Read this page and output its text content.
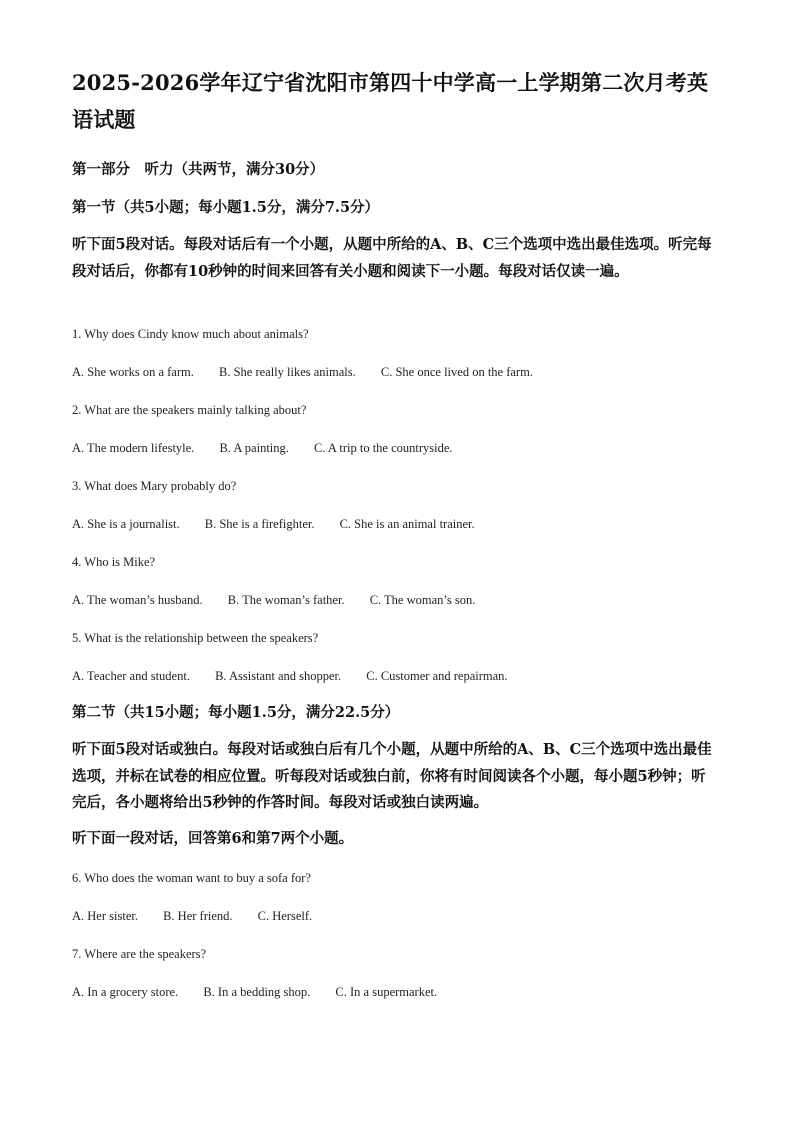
2025-2026学年辽宁省沈阳市第四十中学高一上学期第二次月考英语试题
第一部分　听力（共两节，满分30分）
第一节（共5小题；每小题1.5分，满分7.5分）
听下面5段对话。每段对话后有一个小题，从题中所给的A、B、C三个选项中选出最佳选项。听完每段对话后，你都有10秒钟的时间来回答有关小题和阅读下一小题。每段对话仅读一遍。
1. Why does Cindy know much about animals?
A. She works on a farm. B. She really likes animals. C. She once lived on the farm.
2. What are the speakers mainly talking about?
A. The modern lifestyle. B. A painting. C. A trip to the countryside.
3. What does Mary probably do?
A. She is a journalist. B. She is a firefighter. C. She is an animal trainer.
4. Who is Mike?
A. The woman’s husband. B. The woman’s father. C. The woman’s son.
5. What is the relationship between the speakers?
A. Teacher and student. B. Assistant and shopper. C. Customer and repairman.
第二节（共15小题；每小题1.5分，满分22.5分）
听下面5段对话或独白。每段对话或独白后有几个小题，从题中所给的A、B、C三个选项中选出最佳选项，并标在试卷的相应位置。听每段对话或独白前，你将有时间阅读各个小题，每小题5秒钟；听完后，各小题将给出5秒钟的作答时间。每段对话或独白读两遍。
听下面一段对话，回答第6和第7两个小题。
6. Who does the woman want to buy a sofa for?
A. Her sister. B. Her friend. C. Herself.
7. Where are the speakers?
A. In a grocery store. B. In a bedding shop. C. In a supermarket.
